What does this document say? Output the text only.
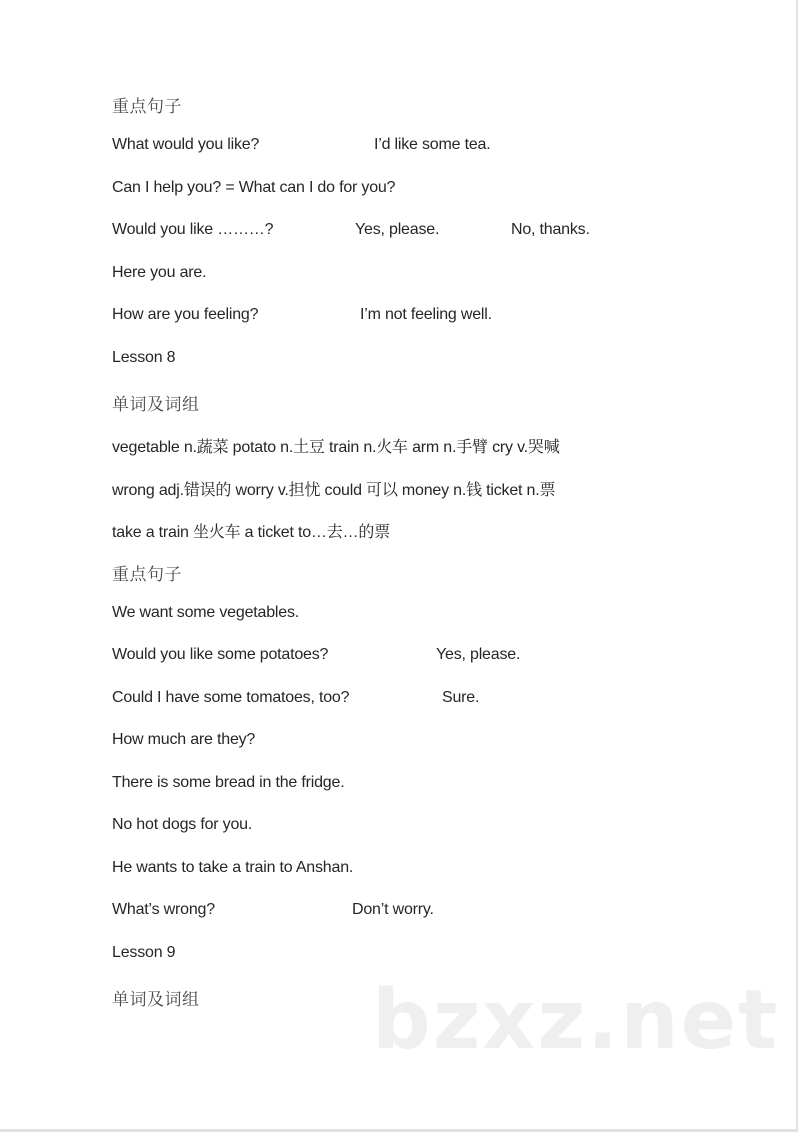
重点句子
What would you like?	I’d like some tea.
Can I help you? = What can I do for you?
Would you like ………?	Yes, please.	No, thanks.
Here you are.
How are you feeling?	I’m not feeling well.
Lesson 8
单词及词组
vegetable n.蔬菜 potato n.土豆 train n.火车 arm n.手臂 cry v.哭喊
wrong adj.错误的 worry v.担忧 could 可以 money n.钱 ticket n.票
take a train 坐火车 a ticket to…去…的票
重点句子
We want some vegetables.
Would you like some potatoes?	Yes, please.
Could I have some tomatoes, too?	Sure.
How much are they?
There is some bread in the fridge.
No hot dogs for you.
He wants to take a train to Anshan.
What’s wrong?	Don’t worry.
Lesson 9
单词及词组 bzxz.net
